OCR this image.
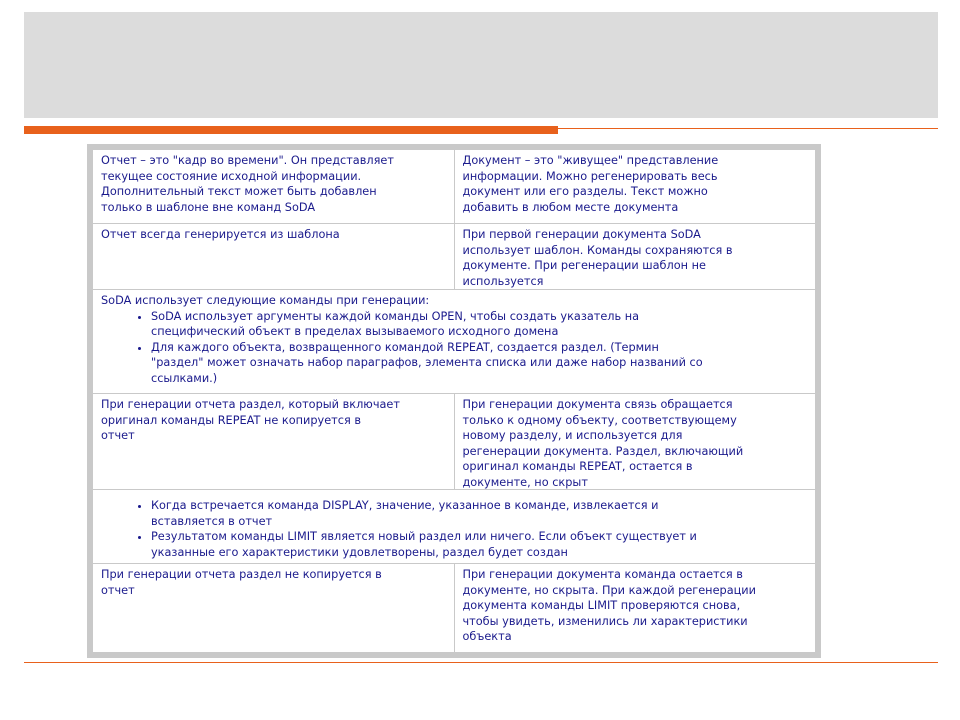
Отчет – это "кадр во времени". Он представляет
текущее состояние исходной информации.
Дополнительный текст может быть добавлен
только в шаблоне вне команд SoDA
Документ – это "живущее" представление
информации. Можно регенерировать весь
документ или его разделы. Текст можно
добавить в любом месте документа
Отчет всегда генерируется из шаблона	При первой генерации документа SoDA
использует шаблон. Команды сохраняются в
документе. При регенерации шаблон не
используется
SoDA использует следующие команды при генерации:
• SoDA использует аргументы каждой команды OPEN, чтобы создать указатель на
специфический объект в пределах вызываемого исходного домена
• Для каждого объекта, возвращенного командой REPEAT, создается раздел. (Термин
"раздел" может означать набор параграфов, элемента списка или даже набор названий со
ссылками.)
При генерации отчета раздел, который включает
оригинал команды REPEAT не копируется в
отчет
При генерации документа связь обращается
только к одному объекту, соответствующему
новому разделу, и используется для
регенерации документа. Раздел, включающий
оригинал команды REPEAT, остается в
документе, но скрыт
• Когда встречается команда DISPLAY, значение, указанное в команде, извлекается и
вставляется в отчет
• Результатом команды LIMIT является новый раздел или ничего. Если объект существует и
указанные его характеристики удовлетворены, раздел будет создан
При генерации отчета раздел не копируется в
отчет
При генерации документа команда остается в
документе, но скрыта. При каждой регенерации
документа команды LIMIT проверяются снова,
чтобы увидеть, изменились ли характеристики
объекта
